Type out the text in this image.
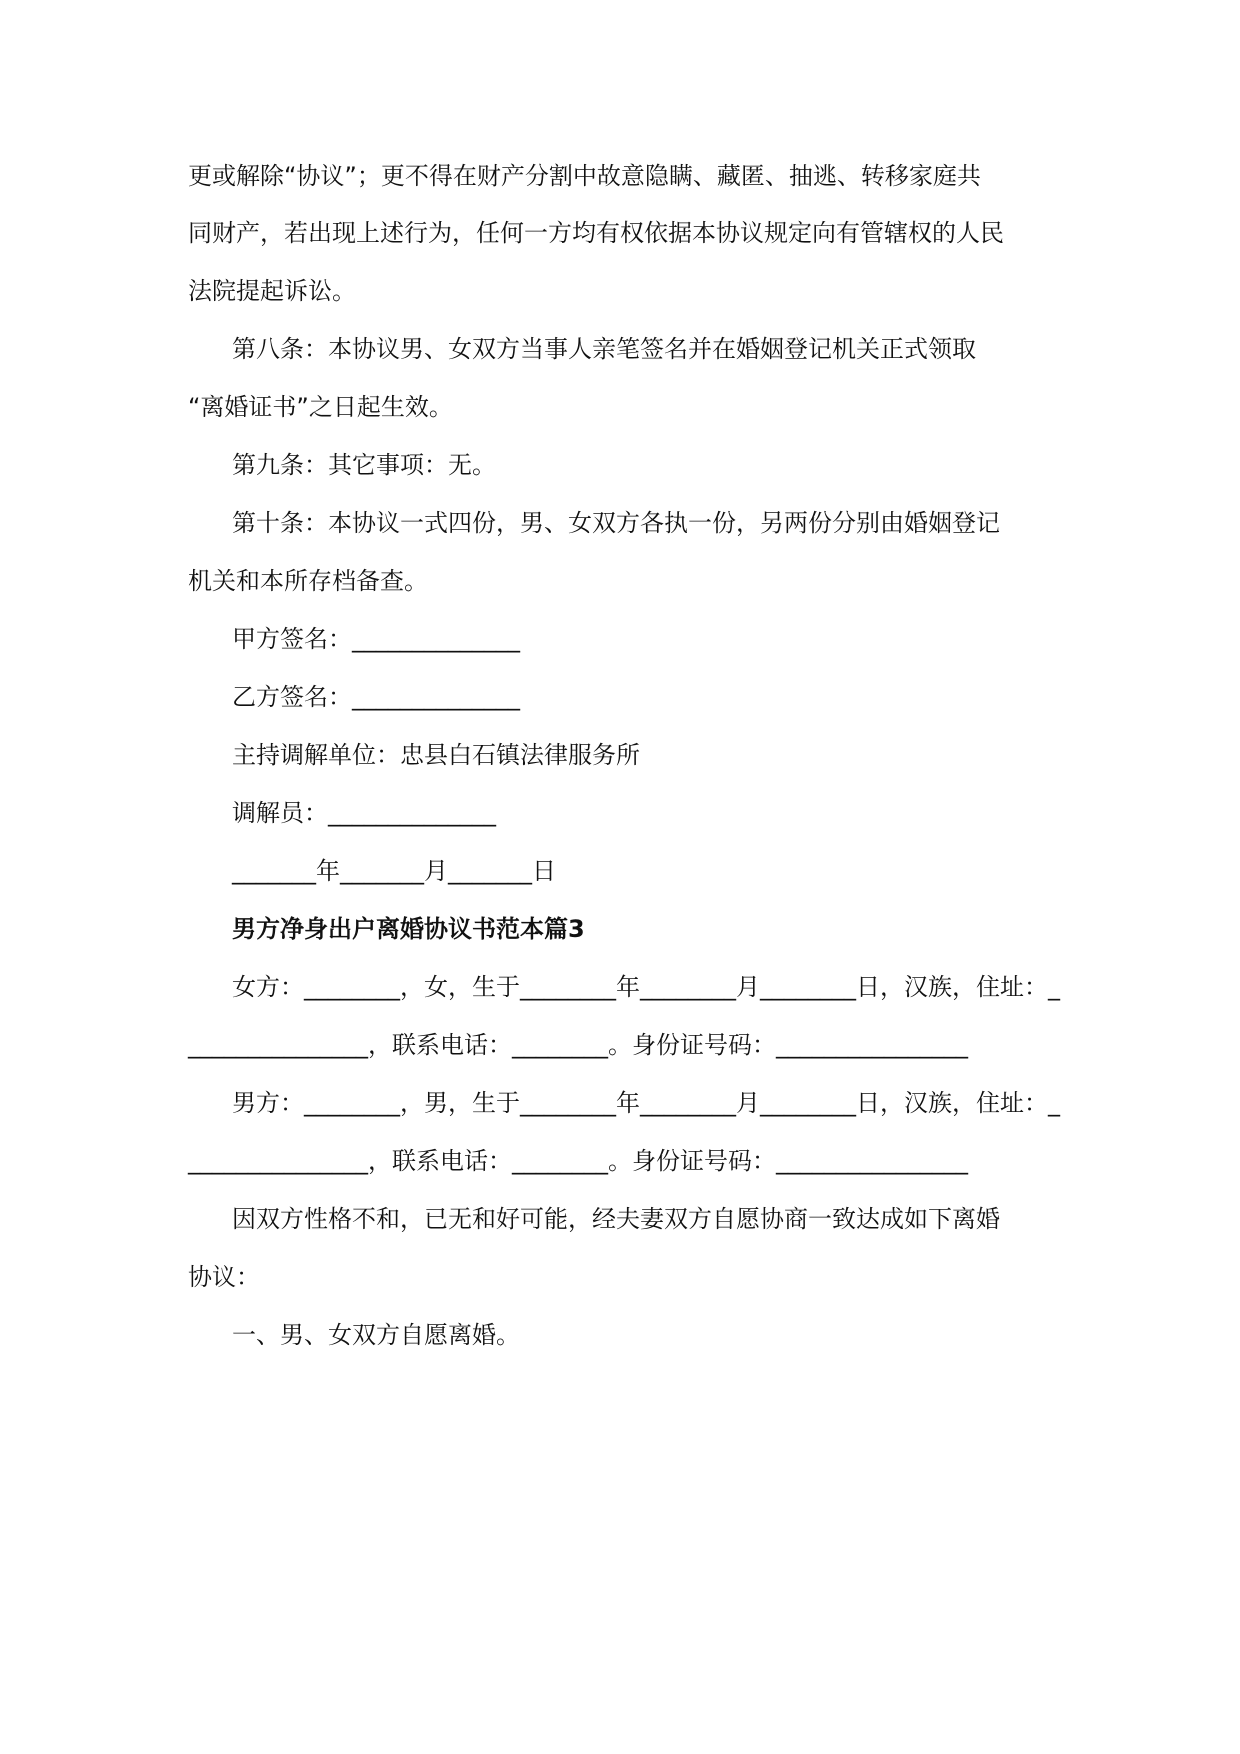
更或解除“协议”；更不得在财产分割中故意隐瞒、藏匿、抽逃、转移家庭共
同财产，若出现上述行为，任何一方均有权依据本协议规定向有管辖权的人民
法院提起诉讼。
第八条：本协议男、女双方当事人亲笔签名并在婚姻登记机关正式领取
“离婚证书”之日起生效。
第九条：其它事项：无。
第十条：本协议一式四份，男、女双方各执一份，另两份分别由婚姻登记
机关和本所存档备查。
甲方签名：______________
乙方签名：______________
主持调解单位：忠县白石镇法律服务所
调解员：______________
_______年_______月_______日
男方净身出户离婚协议书范本篇3
女方：________，女，生于________年________月________日，汉族，住址：_
_______________，联系电话：________。身份证号码：________________
男方：________，男，生于________年________月________日，汉族，住址：_
_______________，联系电话：________。身份证号码：________________
因双方性格不和，已无和好可能，经夫妻双方自愿协商一致达成如下离婚
协议：
一、男、女双方自愿离婚。
